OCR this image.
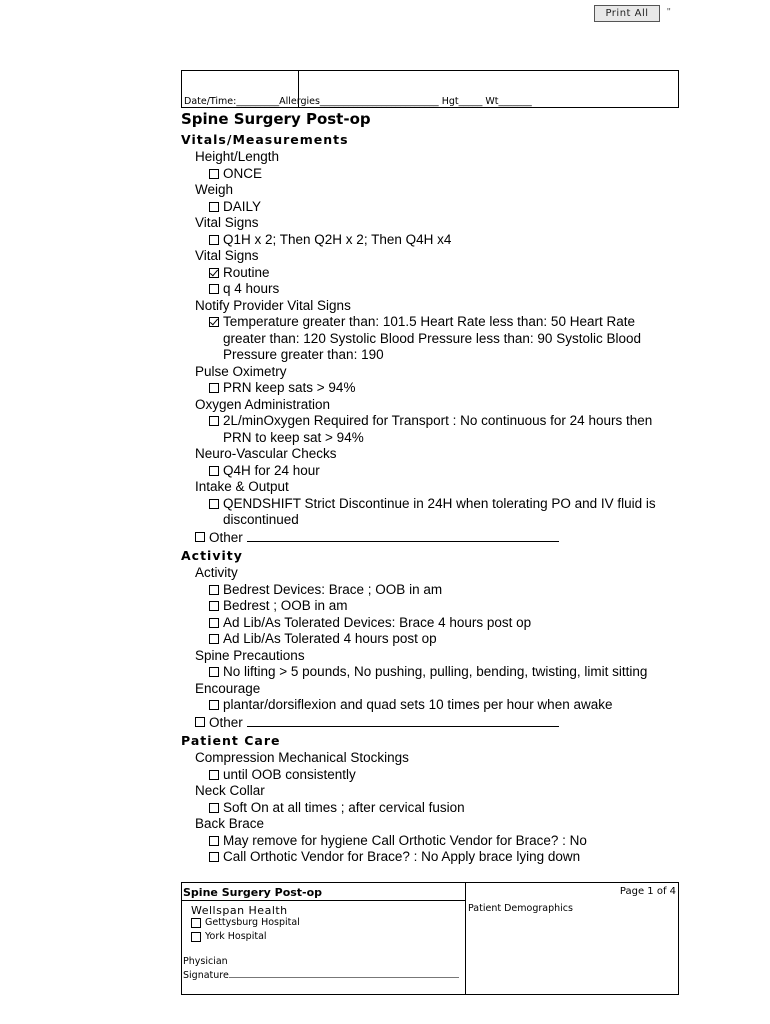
Print All	"
Date/Time:_________Allergies_________________________ Hgt_____ Wt_______
Spine Surgery Post-op
Vitals/Measurements
Height/Length
ONCE
Weigh
DAILY
Vital Signs
Q1H x 2; Then Q2H x 2; Then Q4H x4
Vital Signs
Routine
q 4 hours
Notify Provider Vital Signs
Temperature greater than: 101.5 Heart Rate less than: 50 Heart Rate greater than: 120 Systolic Blood Pressure less than: 90 Systolic Blood Pressure greater than: 190
Pulse Oximetry
PRN keep sats > 94%
Oxygen Administration
2L/minOxygen Required for Transport : No continuous for 24 hours then PRN to keep sat > 94%
Neuro-Vascular Checks
Q4H for 24 hour
Intake & Output
QENDSHIFT Strict Discontinue in 24H when tolerating PO and IV fluid is discontinued
Other
Activity
Activity
Bedrest Devices: Brace ; OOB in am
Bedrest ; OOB in am
Ad Lib/As Tolerated Devices: Brace 4 hours post op
Ad Lib/As Tolerated 4 hours post op
Spine Precautions
No lifting > 5 pounds, No pushing, pulling, bending, twisting, limit sitting
Encourage
plantar/dorsiflexion and quad sets 10 times per hour when awake
Other
Patient Care
Compression Mechanical Stockings
until OOB consistently
Neck Collar
Soft On at all times ; after cervical fusion
Back Brace
May remove for hygiene Call Orthotic Vendor for Brace? : No
Call Orthotic Vendor for Brace? : No Apply brace lying down
Spine Surgery Post-op	Page 1 of 4
Wellspan Health
Gettysburg Hospital
York Hospital
Patient Demographics
Physician
Signature
